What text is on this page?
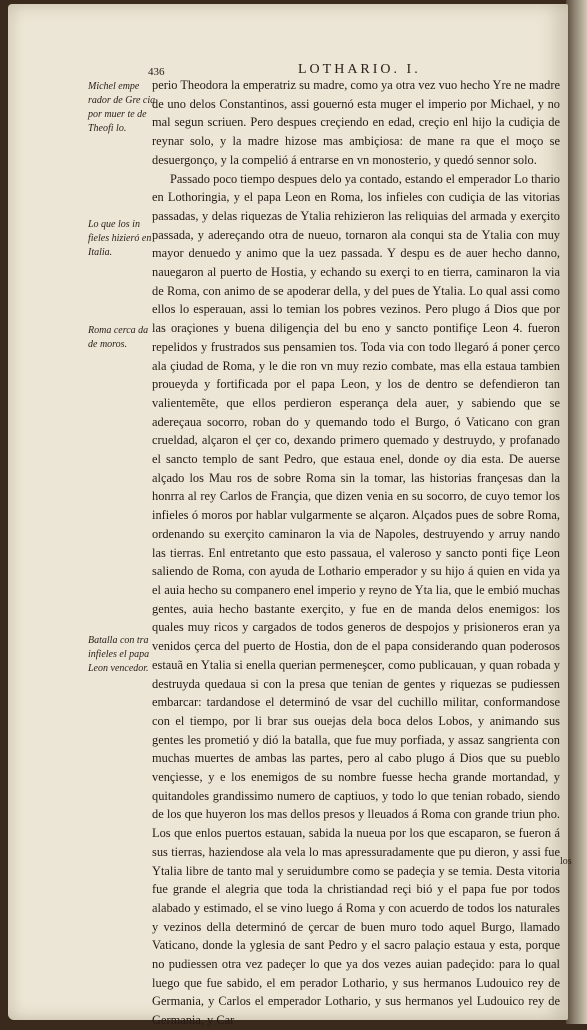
436	LOTHARIO. I.
Michel empe rador de Gre cia por muer te de Theofi lo.
Lo que los in fieles hizieró en Italia.
Roma cerca da de moros.
Batalla con tra infieles el papa Leon vencedor.

perio Theodora la emperatriz su madre, como ya otra vez vuo hecho Yre ne madre de uno delos Constantinos, assi gouernó esta muger el imperio por Michael, y no mal segun scriuen. Pero despues creçiendo en edad, creçio enl hijo la cudiçia de reynar solo, y la madre hizose mas ambiçiosa: de mane ra que el moço se desuergonço, y la compelió á entrarse en vn monosterio, y quedó sennor solo.

Passado poco tiempo despues delo ya contado, estando el emperador Lo thario en Lothoringia, y el papa Leon en Roma, los infieles con cudiçia de las vitorias passadas, y delas riquezas de Ytalia rehizieron las reliquias del armada y exerçito passada, y adereçando otra de nueuo, tornaron ala conqui sta de Ytalia con muy mayor denuedo y animo que la uez passada. Y despu es de auer hecho danno, nauegaron al puerto de Hostia, y echando su exerçi to en tierra, caminaron la via de Roma, con animo de se apoderar della, y del pues de Ytalia. Lo qual assi como ellos lo esperauan, assi lo temian los pobres vezinos. Pero plugo á Dios que por las oraçiones y buena diligençia del bu eno y sancto pontifiçe Leon 4. fueron repelidos y frustrados sus pensamien tos. Toda via con todo llegaró á poner çerco ala çiudad de Roma, y le die ron vn muy rezio combate, mas ella estaua tambien proueyda y fortificada por el papa Leon, y los de dentro se defendieron tan valientemẽte, que ellos perdieron esperança dela auer, y sabiendo que se adereçaua socorro, roban do y quemando todo el Burgo, ó Vaticano con gran crueldad, alçaron el çer co, dexando primero quemado y destruydo, y profanado el sancto templo de sant Pedro, que estaua enel, donde oy dia esta. De auerse alçado los Mau ros de sobre Roma sin la tomar, las historias françesas dan la honrra al rey Carlos de Françia, que dizen venia en su socorro, de cuyo temor los infieles ó moros por hablar vulgarmente se alçaron. Alçados pues de sobre Roma, ordenando su exerçito caminaron la via de Napoles, destruyendo y arruy nando las tierras. Enl entretanto que esto passaua, el valeroso y sancto ponti fiçe Leon saliendo de Roma, con ayuda de Lothario emperador y su hijo á quien en vida ya el auia hecho su companero enel imperio y reyno de Yta lia, que le embió muchas gentes, auia hecho bastante exerçito, y fue en de manda delos enemigos: los quales muy ricos y cargados de todos generos de despojos y prisioneros eran ya venidos çerca del puerto de Hostia, don de el papa considerando quan poderosos estauã en Ytalia si enella querian permeneşcer, como publicauan, y quan robada y destruyda quedaua si con la presa que tenian de gentes y riquezas se pudiessen embarcar: tardandose el determinó de vsar del cuchillo militar, conformandose con el tiempo, por li brar sus ouejas dela boca delos Lobos, y animando sus gentes les prometió y dió la batalla, que fue muy porfiada, y assaz sangrienta con muchas muertes de ambas las partes, pero al cabo plugo á Dios que su pueblo vençiesse, y e los enemigos de su nombre fuesse hecha grande mortandad, y quitandoles grandissimo numero de captiuos, y todo lo que tenian robado, siendo de los que huyeron los mas dellos presos y lleuados á Roma con grande triun pho. Los que enlos puertos estauan, sabida la nueua por los que escaparon, se fueron á sus tierras, haziendose ala vela lo mas apressuradamente que pu dieron, y assi fue Ytalia libre de tanto mal y seruidumbre como se padeçia y se temia. Desta vitoria fue grande el alegria que toda la christiandad reçi bió y el papa fue por todos alabado y estimado, el se vino luego á Roma y con acuerdo de todos los naturales y vezinos della determinó de çercar de buen muro todo aquel Burgo, llamado Vaticano, donde la yglesia de sant Pedro y el sacro palaçio estaua y esta, porque no pudiessen otra vez padeçer lo que ya dos vezes auian padeçido: para lo qual luego que fue sabido, el em perador Lothario, y sus hermanos Ludouico rey de Germania, y Carlos el emperador Lothario, y sus hermanos yel Ludouico rey de Germania, y Car

los
